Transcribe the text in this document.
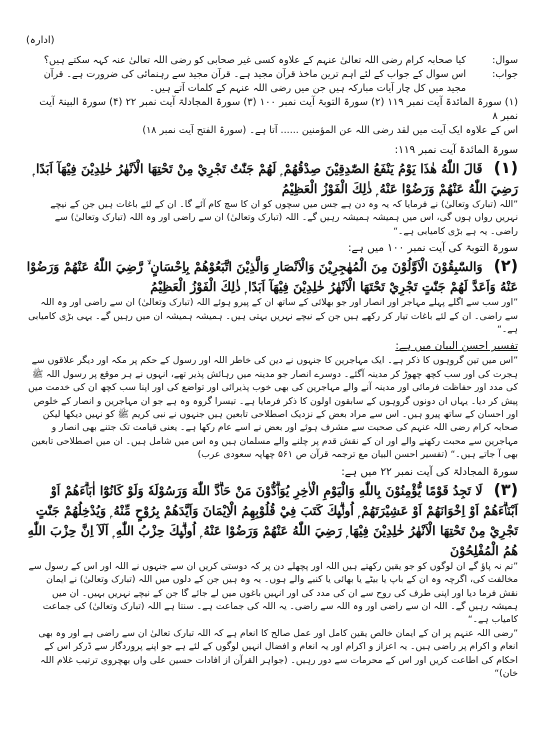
(ادارہ)
سوال:
کیا صحابہ کرام رضی اللہ تعالیٰ عنہم کے علاوہ کسی غیر صحابی کو رضی اللہ تعالیٰ عنہ کہہ سکتے ہیں؟
جواب:
اس سوال کے جواب کے لئے اہم ترین ماخذ قرآن مجید ہے۔ قرآن مجید سے رہنمائی کی ضرورت ہے۔ قرآن مجید میں کل چار آیات مبارکہ ہیں جن میں رضی اللہ عنہم کے کلمات آتے ہیں۔

(۱) سورۃ المائدۃ آیت نمبر ۱۱۹ (۲) سورۃ التوبۃ آیت نمبر ۱۰۰ (۳) سورۃ المجادلۃ آیت نمبر ۲۲ (۴) سورۃ البینۃ آیت نمبر ۸

اس کے علاوہ ایک آیت میں لقد رضی اللہ عن المؤمنین ...... آتا ہے۔ (سورۃ الفتح آیت نمبر ۱۸)

سورۃ المائدۃ آیت نمبر ۱۱۹:

(۱) قَالَ اللّٰهُ هٰذَا يَوْمُ يَنْفَعُ الصّٰدِقِيْنَ صِدْقُهُمْ ۭ لَهُمْ جَنّٰتٌ تَجْرِيْ مِنْ تَحْتِهَا الْاَنْهٰرُ خٰلِدِيْنَ فِيْهَآ اَبَدًا ۭ رَضِيَ اللّٰهُ عَنْهُمْ وَرَضُوْا عَنْهُ ۭ ذٰلِكَ الْفَوْزُ الْعَظِيْمُ

”اللہ (تبارک وتعالیٰ) نے فرمایا کہ یہ وہ دن ہے جس میں سچوں کو ان کا سچ کام آئے گا۔ ان کے لئے باغات ہیں جن کے نیچے نہریں رواں ہوں گی، اس میں ہمیشہ ہمیشہ رہیں گے۔ اللہ (تبارک وتعالیٰ) ان سے راضی اور وہ اللہ (تبارک وتعالیٰ) سے راضی۔ یہ ہے بڑی کامیابی ہے۔“

سورۃ التوبۃ کی آیت نمبر ۱۰۰ میں ہے:

(۲) وَالسّٰبِقُوْنَ الْاَوَّلُوْنَ مِنَ الْمُهٰجِرِيْنَ وَالْاَنْصَارِ وَالَّذِيْنَ اتَّبَعُوْهُمْ بِاِحْسَانٍ ۙ رَّضِيَ اللّٰهُ عَنْهُمْ وَرَضُوْا عَنْهُ وَاَعَدَّ لَهُمْ جَنّٰتٍ تَجْرِيْ تَحْتَهَا الْاَنْهٰرُ خٰلِدِيْنَ فِيْهَآ اَبَدًا ۭ ذٰلِكَ الْفَوْزُ الْعَظِيْمُ

”اور سب سے اگلے پہلے مہاجر اور انصار اور جو بھلائی کے ساتھ ان کے پیرو ہوئے اللہ (تبارک وتعالیٰ) ان سے راضی اور وہ اللہ سے راضی۔ ان کے لئے باغات تیار کر رکھے ہیں جن کے نیچے نہریں بہتی ہیں۔ ہمیشہ ہمیشہ ان میں رہیں گے۔ یہی بڑی کامیابی ہے۔“

تفسیر احسن البیان میں ہے:

”اس میں تین گروہوں کا ذکر ہے۔ ایک مہاجرین کا جنہوں نے دین کی خاطر اللہ اور رسول کے حکم پر مکہ اور دیگر علاقوں سے ہجرت کی اور سب کچھ چھوڑ کر مدینہ آگئے۔ دوسرے انصار جو مدینہ میں رہائش پذیر تھے، انہوں نے ہر موقع پر رسول اللہ ﷺ کی مدد اور حفاظت فرمائی اور مدینہ آنے والے مہاجرین کی بھی خوب پذیرائی اور تواضع کی اور اپنا سب کچھ ان کی خدمت میں پیش کر دیا۔ یہاں ان دونوں گروہوں کے سابقون اولون کا ذکر فرمایا ہے۔ تیسرا گروہ وہ ہے جو ان مہاجرین و انصار کے خلوص اور احسان کے ساتھ پیرو ہیں۔ اس سے مراد بعض کے نزدیک اصطلاحی تابعین ہیں جنہوں نے نبی کریم ﷺ کو نہیں دیکھا لیکن صحابہ کرام رضی اللہ عنہم کی صحبت سے مشرف ہوئے اور بعض نے اسے عام رکھا ہے۔ یعنی قیامت تک جتنے بھی انصار و مہاجرین سے محبت رکھنے والے اور ان کے نقش قدم پر چلنے والے مسلمان ہیں وہ اس میں شامل ہیں۔ ان میں اصطلاحی تابعین بھی آ جاتے ہیں۔“ (تفسیر احسن البیان مع ترجمہ قرآن ص ۵۶۱ چھاپہ سعودی عرب)

سورۃ المجادلۃ کی آیت نمبر ۲۲ میں ہے:

(۳) لَا تَجِدُ قَوْمًا يُّؤْمِنُوْنَ بِاللّٰهِ وَالْيَوْمِ الْاٰخِرِ يُوَاۗدُّوْنَ مَنْ حَاۗدَّ اللّٰهَ وَرَسُوْلَهٗ وَلَوْ كَانُوْٓا اٰبَاۗءَهُمْ اَوْ اَبْنَاۗءَهُمْ اَوْ اِخْوَانَهُمْ اَوْ عَشِيْرَتَهُمْ ۭ اُولٰۗىِٕكَ كَتَبَ فِيْ قُلُوْبِهِمُ الْاِيْمَانَ وَاَيَّدَهُمْ بِرُوْحٍ مِّنْهُ ۭ وَيُدْخِلُهُمْ جَنّٰتٍ تَجْرِيْ مِنْ تَحْتِهَا الْاَنْهٰرُ خٰلِدِيْنَ فِيْهَا ۭ رَضِيَ اللّٰهُ عَنْهُمْ وَرَضُوْا عَنْهُ ۭ اُولٰۗىِٕكَ حِزْبُ اللّٰهِ ۭ اَلَآ اِنَّ حِزْبَ اللّٰهِ هُمُ الْمُفْلِحُوْنَ

”تم نہ پاؤ گے ان لوگوں کو جو یقین رکھتے ہیں اللہ اور پچھلے دن پر کہ دوستی کریں ان سے جنہوں نے اللہ اور اس کے رسول سے مخالفت کی، اگرچہ وہ ان کے باپ یا بیٹے یا بھائی یا کنبے والے ہوں۔ یہ وہ ہیں جن کے دلوں میں اللہ (تبارک وتعالیٰ) نے ایمان نقش فرما دیا اور اپنی طرف کی روح سے ان کی مدد کی اور انہیں باغوں میں لے جائے گا جن کے نیچے نہریں بہیں۔ ان میں ہمیشہ رہیں گے۔ اللہ ان سے راضی اور وہ اللہ سے راضی۔ یہ اللہ کی جماعت ہے۔ سنتا ہے اللہ (تبارک وتعالیٰ) کی جماعت کامیاب ہے۔“

”رضی اللہ عنہم پر ان کے ایمان خالص یقین کامل اور عمل صالح کا انعام ہے کہ اللہ تبارک تعالیٰ ان سے راضی ہے اور وہ بھی انعام و اکرام پر راضی ہیں۔ یہ اعزاز و اکرام اور یہ انعام و افضال انہیں لوگوں کے لئے ہے جو اپنے پروردگار سے ڈرکر اس کے احکام کی اطاعت کریں اور اس کے محرمات سے دور رہیں۔ (جواہر القرآن از افادات حسین علی واں بھچروی ترتیب غلام اللہ خان)“
